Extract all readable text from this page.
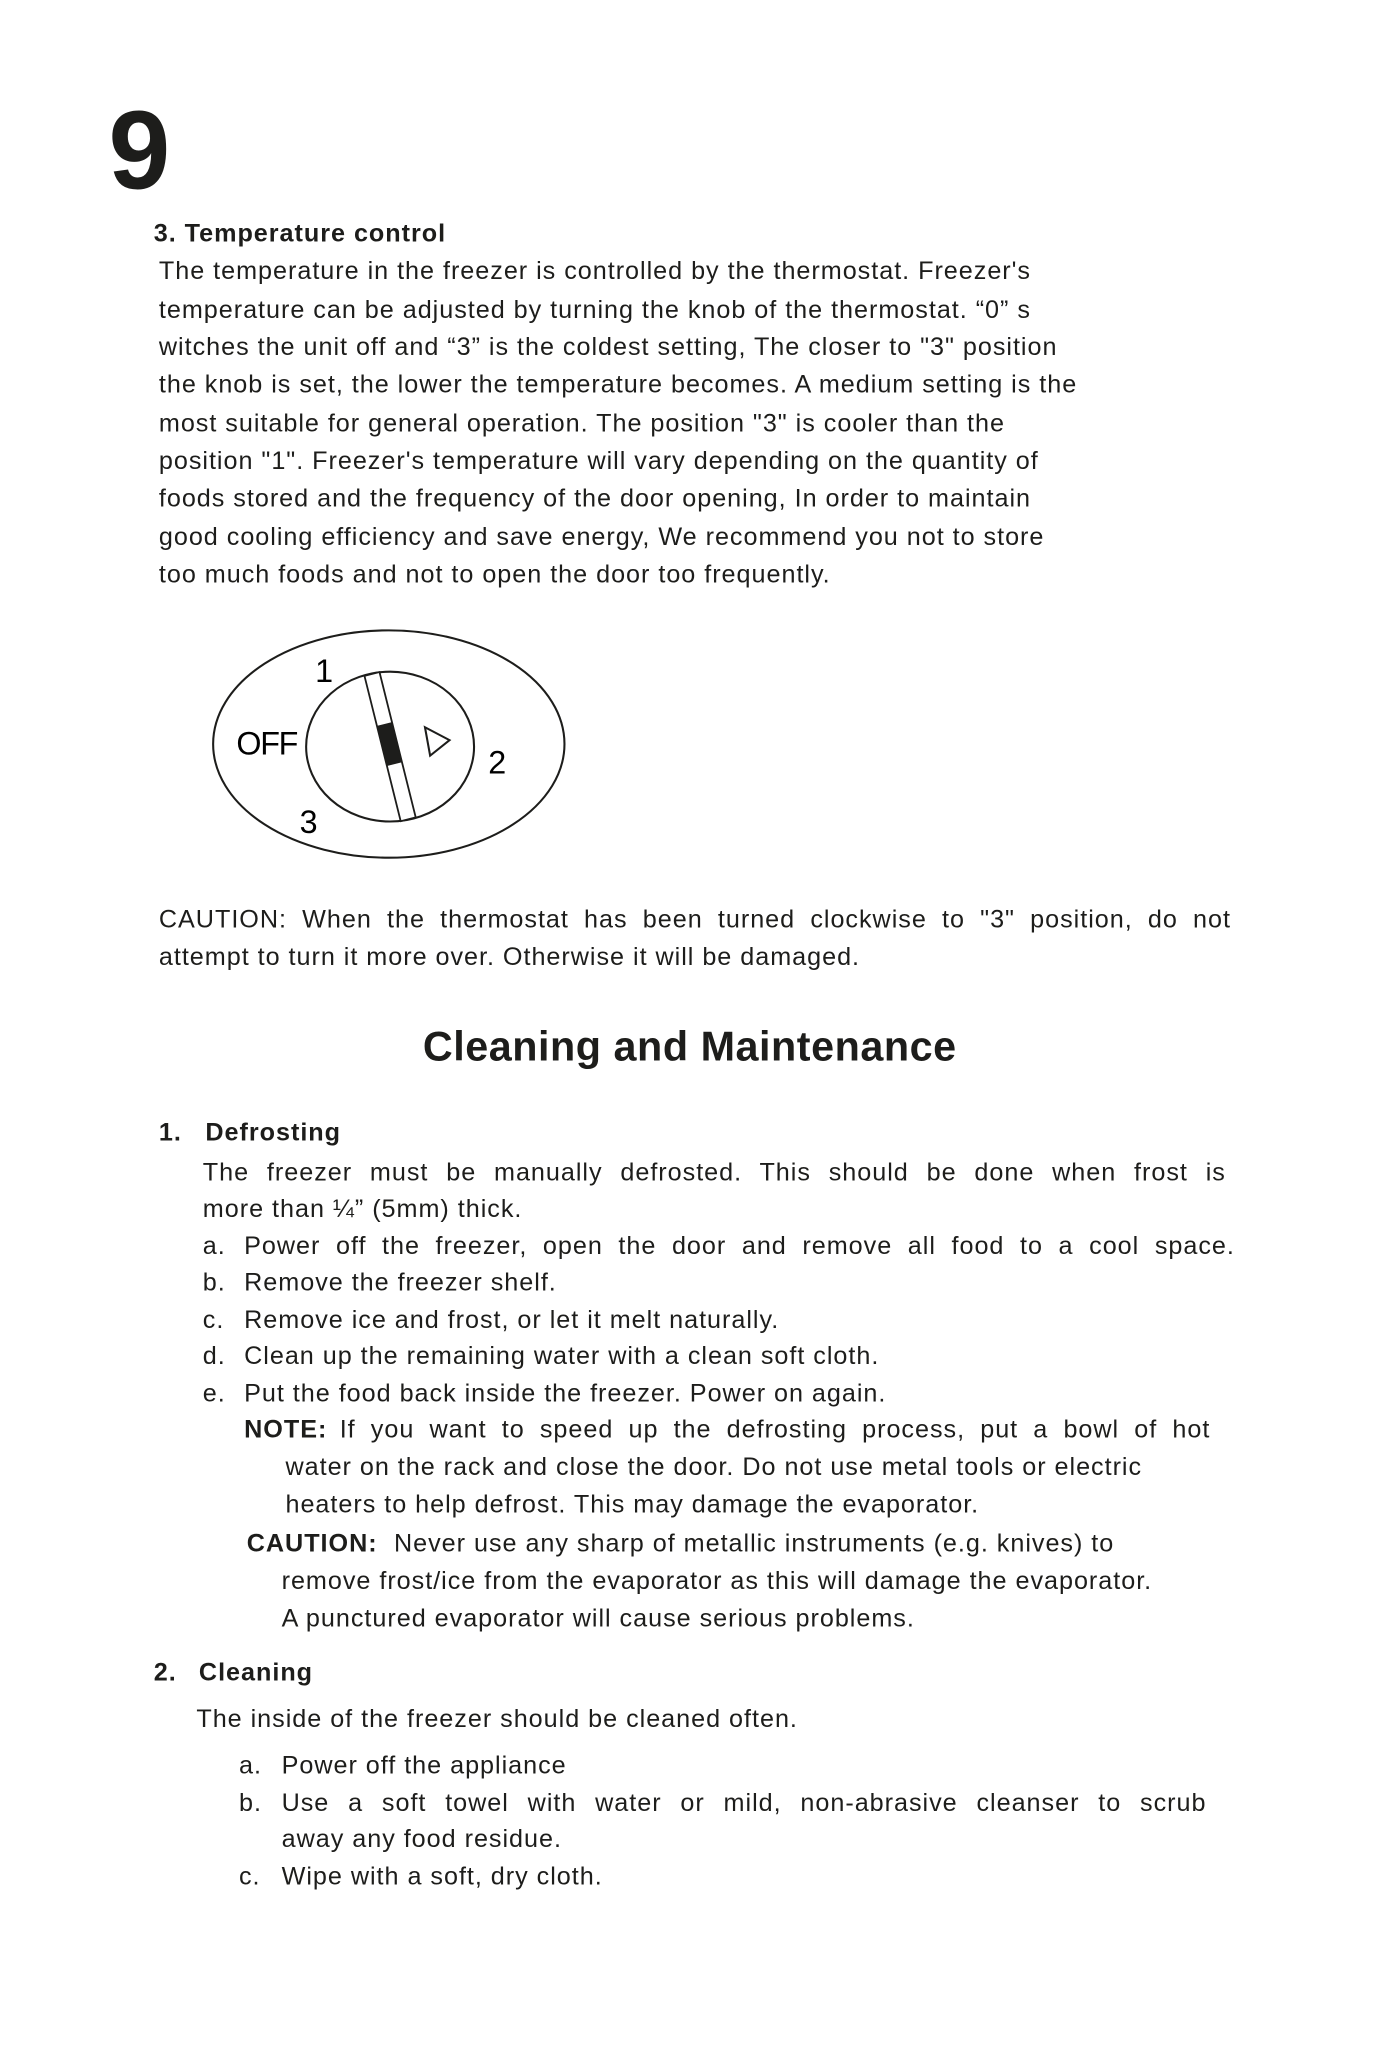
9
3. Temperature control
The temperature in the freezer is controlled by the thermostat. Freezer's
temperature can be adjusted by turning the knob of the thermostat. “0” s
witches the unit off and “3” is the coldest setting, The closer to "3" position
the knob is set, the lower the temperature becomes. A medium setting is the
most suitable for general operation. The position "3" is cooler than the
position "1". Freezer's temperature will vary depending on the quantity of
foods stored and the frequency of the door opening, In order to maintain
good cooling efficiency and save energy, We recommend you not to store
too much foods and not to open the door too frequently.
1
OFF
2
3
CAUTION: When the thermostat has been turned clockwise to "3" position, do not
attempt to turn it more over. Otherwise it will be damaged.
Cleaning and Maintenance
1. Defrosting
The freezer must be manually defrosted. This should be done when frost is
more than ¼” (5mm) thick.
a. Power off the freezer, open the door and remove all food to a cool space.
b. Remove the freezer shelf.
c. Remove ice and frost, or let it melt naturally.
d. Clean up the remaining water with a clean soft cloth.
e. Put the food back inside the freezer. Power on again.
NOTE: If you want to speed up the defrosting process, put a bowl of hot
water on the rack and close the door. Do not use metal tools or electric
heaters to help defrost. This may damage the evaporator.
CAUTION: Never use any sharp of metallic instruments (e.g. knives) to
remove frost/ice from the evaporator as this will damage the evaporator.
A punctured evaporator will cause serious problems.
2. Cleaning
The inside of the freezer should be cleaned often.
a. Power off the appliance
b. Use a soft towel with water or mild, non-abrasive cleanser to scrub
away any food residue.
c. Wipe with a soft, dry cloth.
